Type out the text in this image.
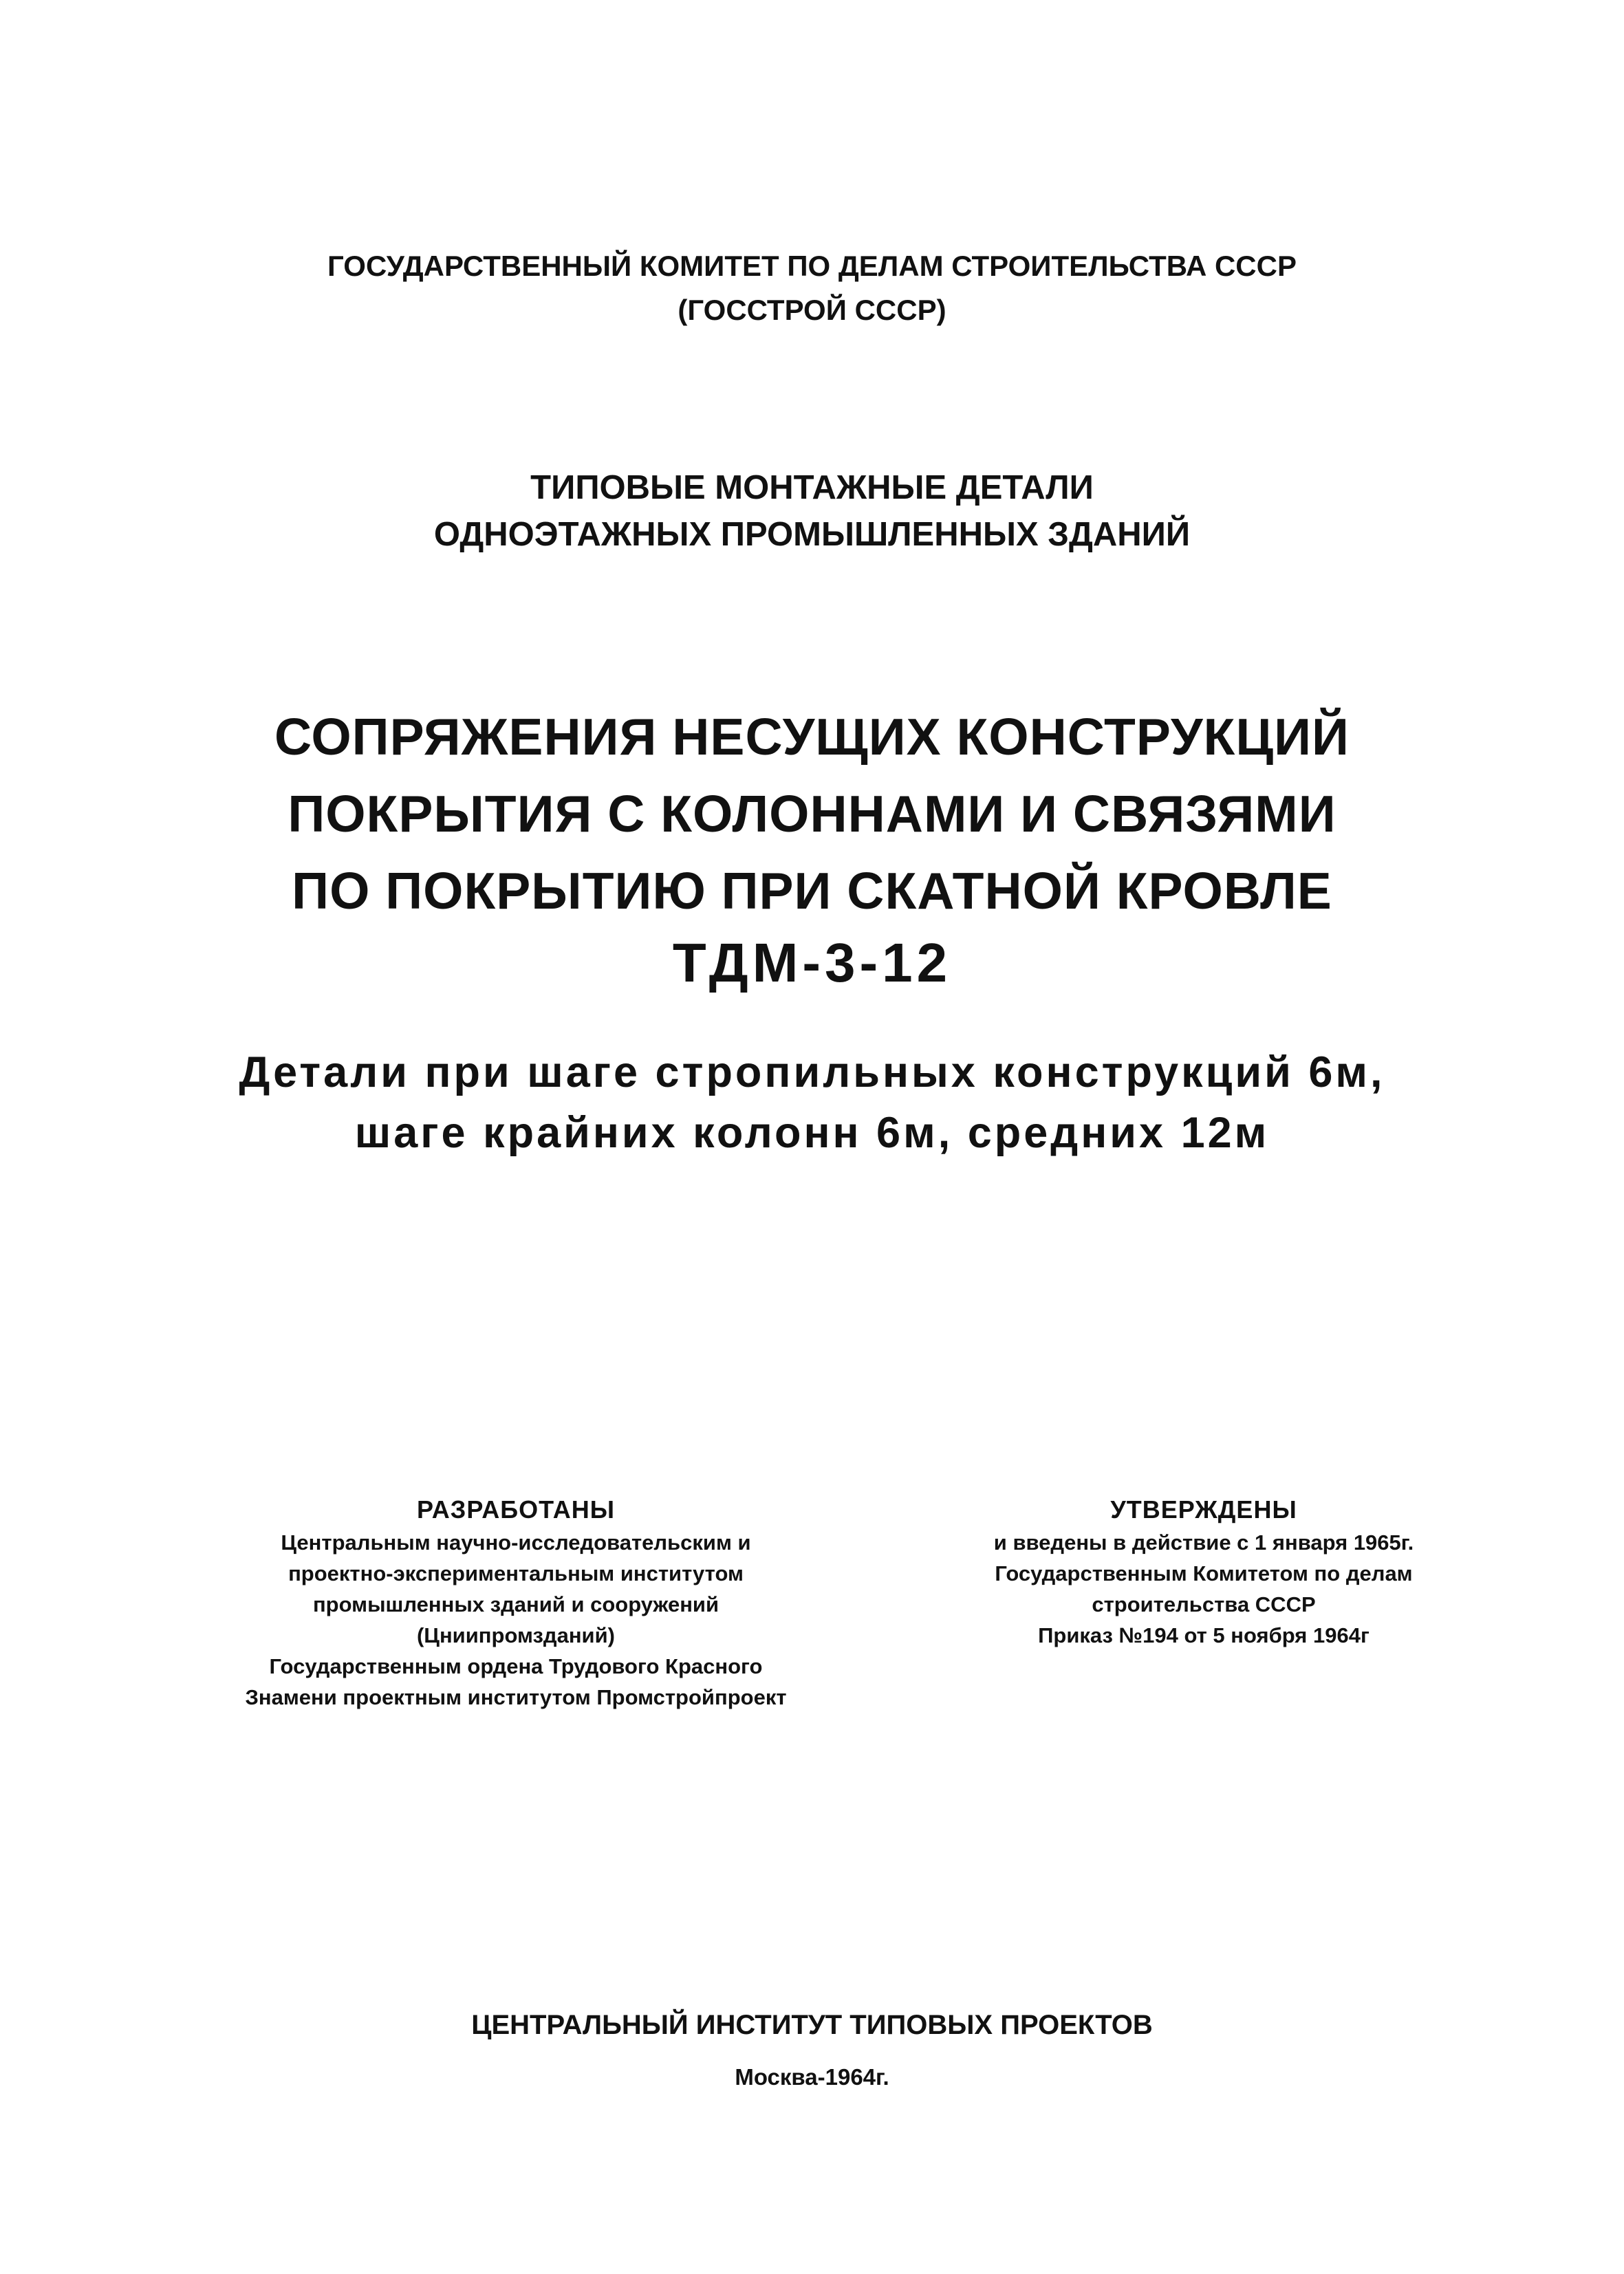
ГОСУДАРСТВЕННЫЙ КОМИТЕТ ПО ДЕЛАМ СТРОИТЕЛЬСТВА СССР
(ГОССТРОЙ СССР)
ТИПОВЫЕ МОНТАЖНЫЕ ДЕТАЛИ
ОДНОЭТАЖНЫХ ПРОМЫШЛЕННЫХ ЗДАНИЙ
СОПРЯЖЕНИЯ НЕСУЩИХ КОНСТРУКЦИЙ
ПОКРЫТИЯ С КОЛОННАМИ И СВЯЗЯМИ
ПО ПОКРЫТИЮ ПРИ СКАТНОЙ КРОВЛЕ
ТДМ-3-12
Детали при шаге стропильных конструкций 6м,
шаге крайних колонн 6м, средних 12м
РАЗРАБОТАНЫ
Центральным научно-исследовательским и
проектно-экспериментальным институтом
промышленных зданий и сооружений
(Цниипромзданий)
Государственным ордена Трудового Красного
Знамени проектным институтом Промстройпроект
УТВЕРЖДЕНЫ
и введены в действие с 1 января 1965г.
Государственным Комитетом по делам
строительства СССР
Приказ №194 от 5 ноября 1964г
ЦЕНТРАЛЬНЫЙ ИНСТИТУТ ТИПОВЫХ ПРОЕКТОВ
Москва-1964г.
